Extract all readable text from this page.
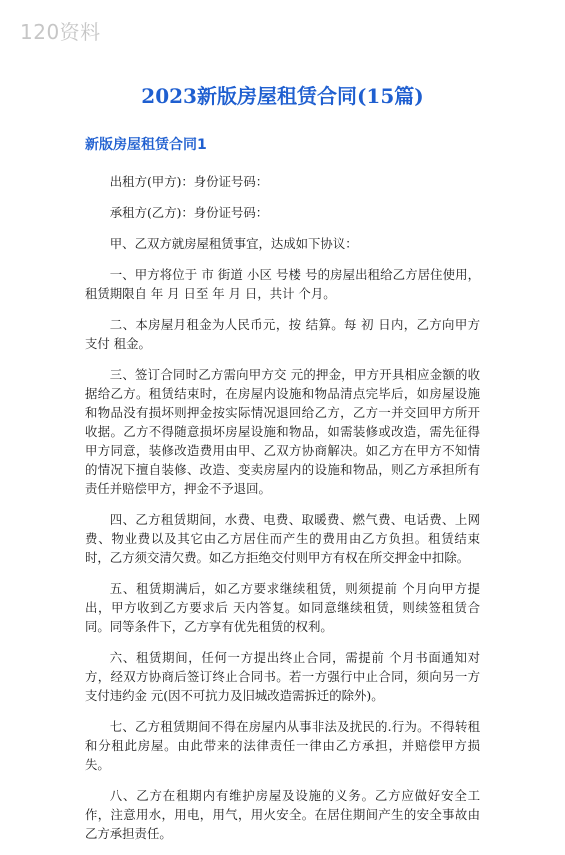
120资料
2023新版房屋租赁合同(15篇)
新版房屋租赁合同1

出租方(甲方)：身份证号码：

承租方(乙方)：身份证号码：

甲、乙双方就房屋租赁事宜，达成如下协议：

一、甲方将位于 市 街道 小区 号楼 号的房屋出租给乙方居住使用，租赁期限自 年 月 日至 年 月 日，共计 个月。

二、本房屋月租金为人民币元，按 结算。每 初 日内，乙方向甲方支付 租金。

三、签订合同时乙方需向甲方交 元的押金，甲方开具相应金额的收据给乙方。租赁结束时，在房屋内设施和物品清点完毕后，如房屋设施和物品没有损坏则押金按实际情况退回给乙方，乙方一并交回甲方所开收据。乙方不得随意损坏房屋设施和物品，如需装修或改造，需先征得甲方同意，装修改造费用由甲、乙双方协商解决。如乙方在甲方不知情的情况下擅自装修、改造、变卖房屋内的设施和物品，则乙方承担所有责任并赔偿甲方，押金不予退回。

四、乙方租赁期间，水费、电费、取暖费、燃气费、电话费、上网费、物业费以及其它由乙方居住而产生的费用由乙方负担。租赁结束时，乙方须交清欠费。如乙方拒绝交付则甲方有权在所交押金中扣除。

五、租赁期满后，如乙方要求继续租赁，则须提前 个月向甲方提出，甲方收到乙方要求后 天内答复。如同意继续租赁，则续签租赁合同。同等条件下，乙方享有优先租赁的权利。

六、租赁期间，任何一方提出终止合同，需提前 个月书面通知对方，经双方协商后签订终止合同书。若一方强行中止合同，须向另一方支付违约金 元(因不可抗力及旧城改造需拆迁的除外)。

七、乙方租赁期间不得在房屋内从事非法及扰民的.行为。不得转租和分租此房屋。由此带来的法律责任一律由乙方承担，并赔偿甲方损失。

八、乙方在租期内有维护房屋及设施的义务。乙方应做好安全工作，注意用水，用电，用气，用火安全。在居住期间产生的安全事故由乙方承担责任。
